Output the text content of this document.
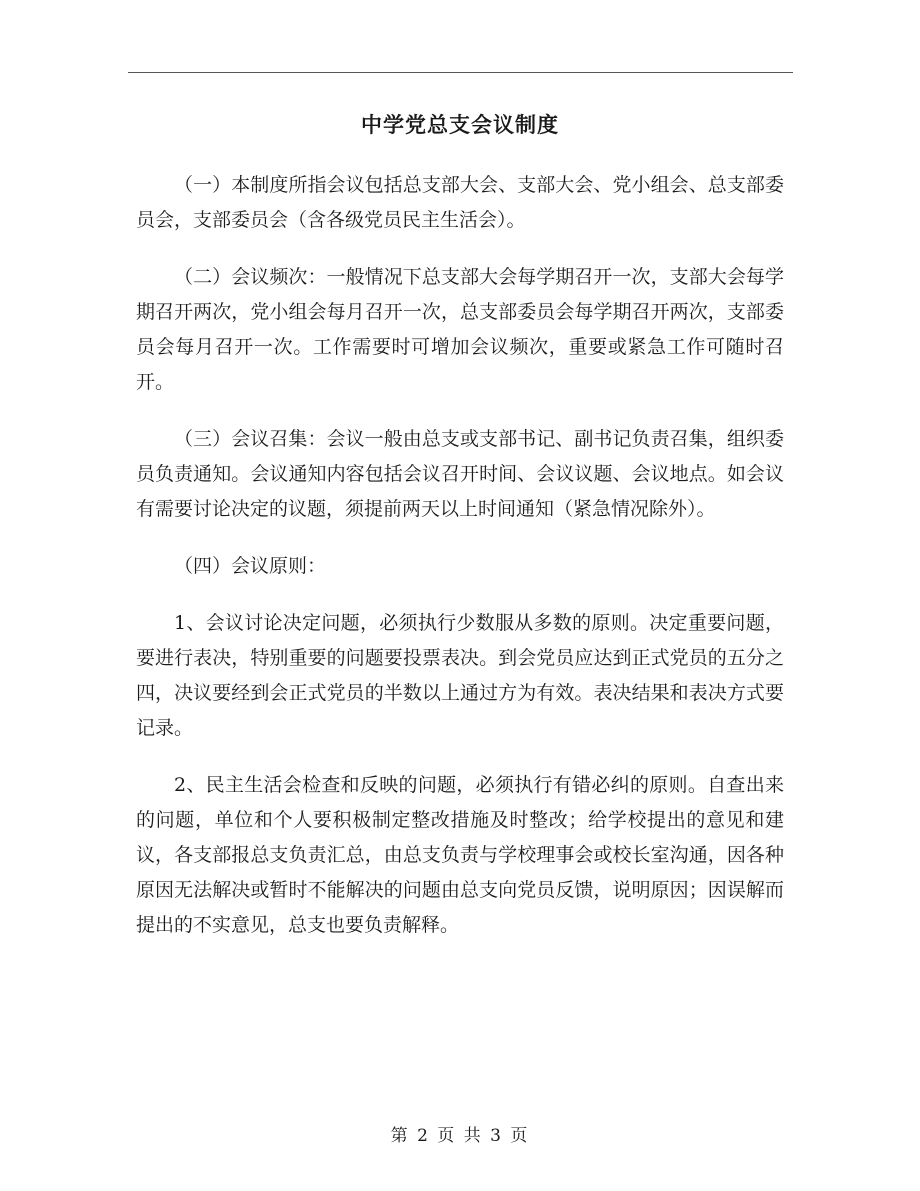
中学党总支会议制度

（一）本制度所指会议包括总支部大会、支部大会、党小组会、总支部委员会，支部委员会（含各级党员民主生活会）。

（二）会议频次：一般情况下总支部大会每学期召开一次，支部大会每学期召开两次，党小组会每月召开一次，总支部委员会每学期召开两次，支部委员会每月召开一次。工作需要时可增加会议频次，重要或紧急工作可随时召开。

（三）会议召集：会议一般由总支或支部书记、副书记负责召集，组织委员负责通知。会议通知内容包括会议召开时间、会议议题、会议地点。如会议有需要讨论决定的议题，须提前两天以上时间通知（紧急情况除外）。

（四）会议原则：

1、会议讨论决定问题，必须执行少数服从多数的原则。决定重要问题，要进行表决，特别重要的问题要投票表决。到会党员应达到正式党员的五分之四，决议要经到会正式党员的半数以上通过方为有效。表决结果和表决方式要记录。

2、民主生活会检查和反映的问题，必须执行有错必纠的原则。自查出来的问题，单位和个人要积极制定整改措施及时整改；给学校提出的意见和建议，各支部报总支负责汇总，由总支负责与学校理事会或校长室沟通，因各种原因无法解决或暂时不能解决的问题由总支向党员反馈，说明原因；因误解而提出的不实意见，总支也要负责解释。

第 2 页 共 3 页
